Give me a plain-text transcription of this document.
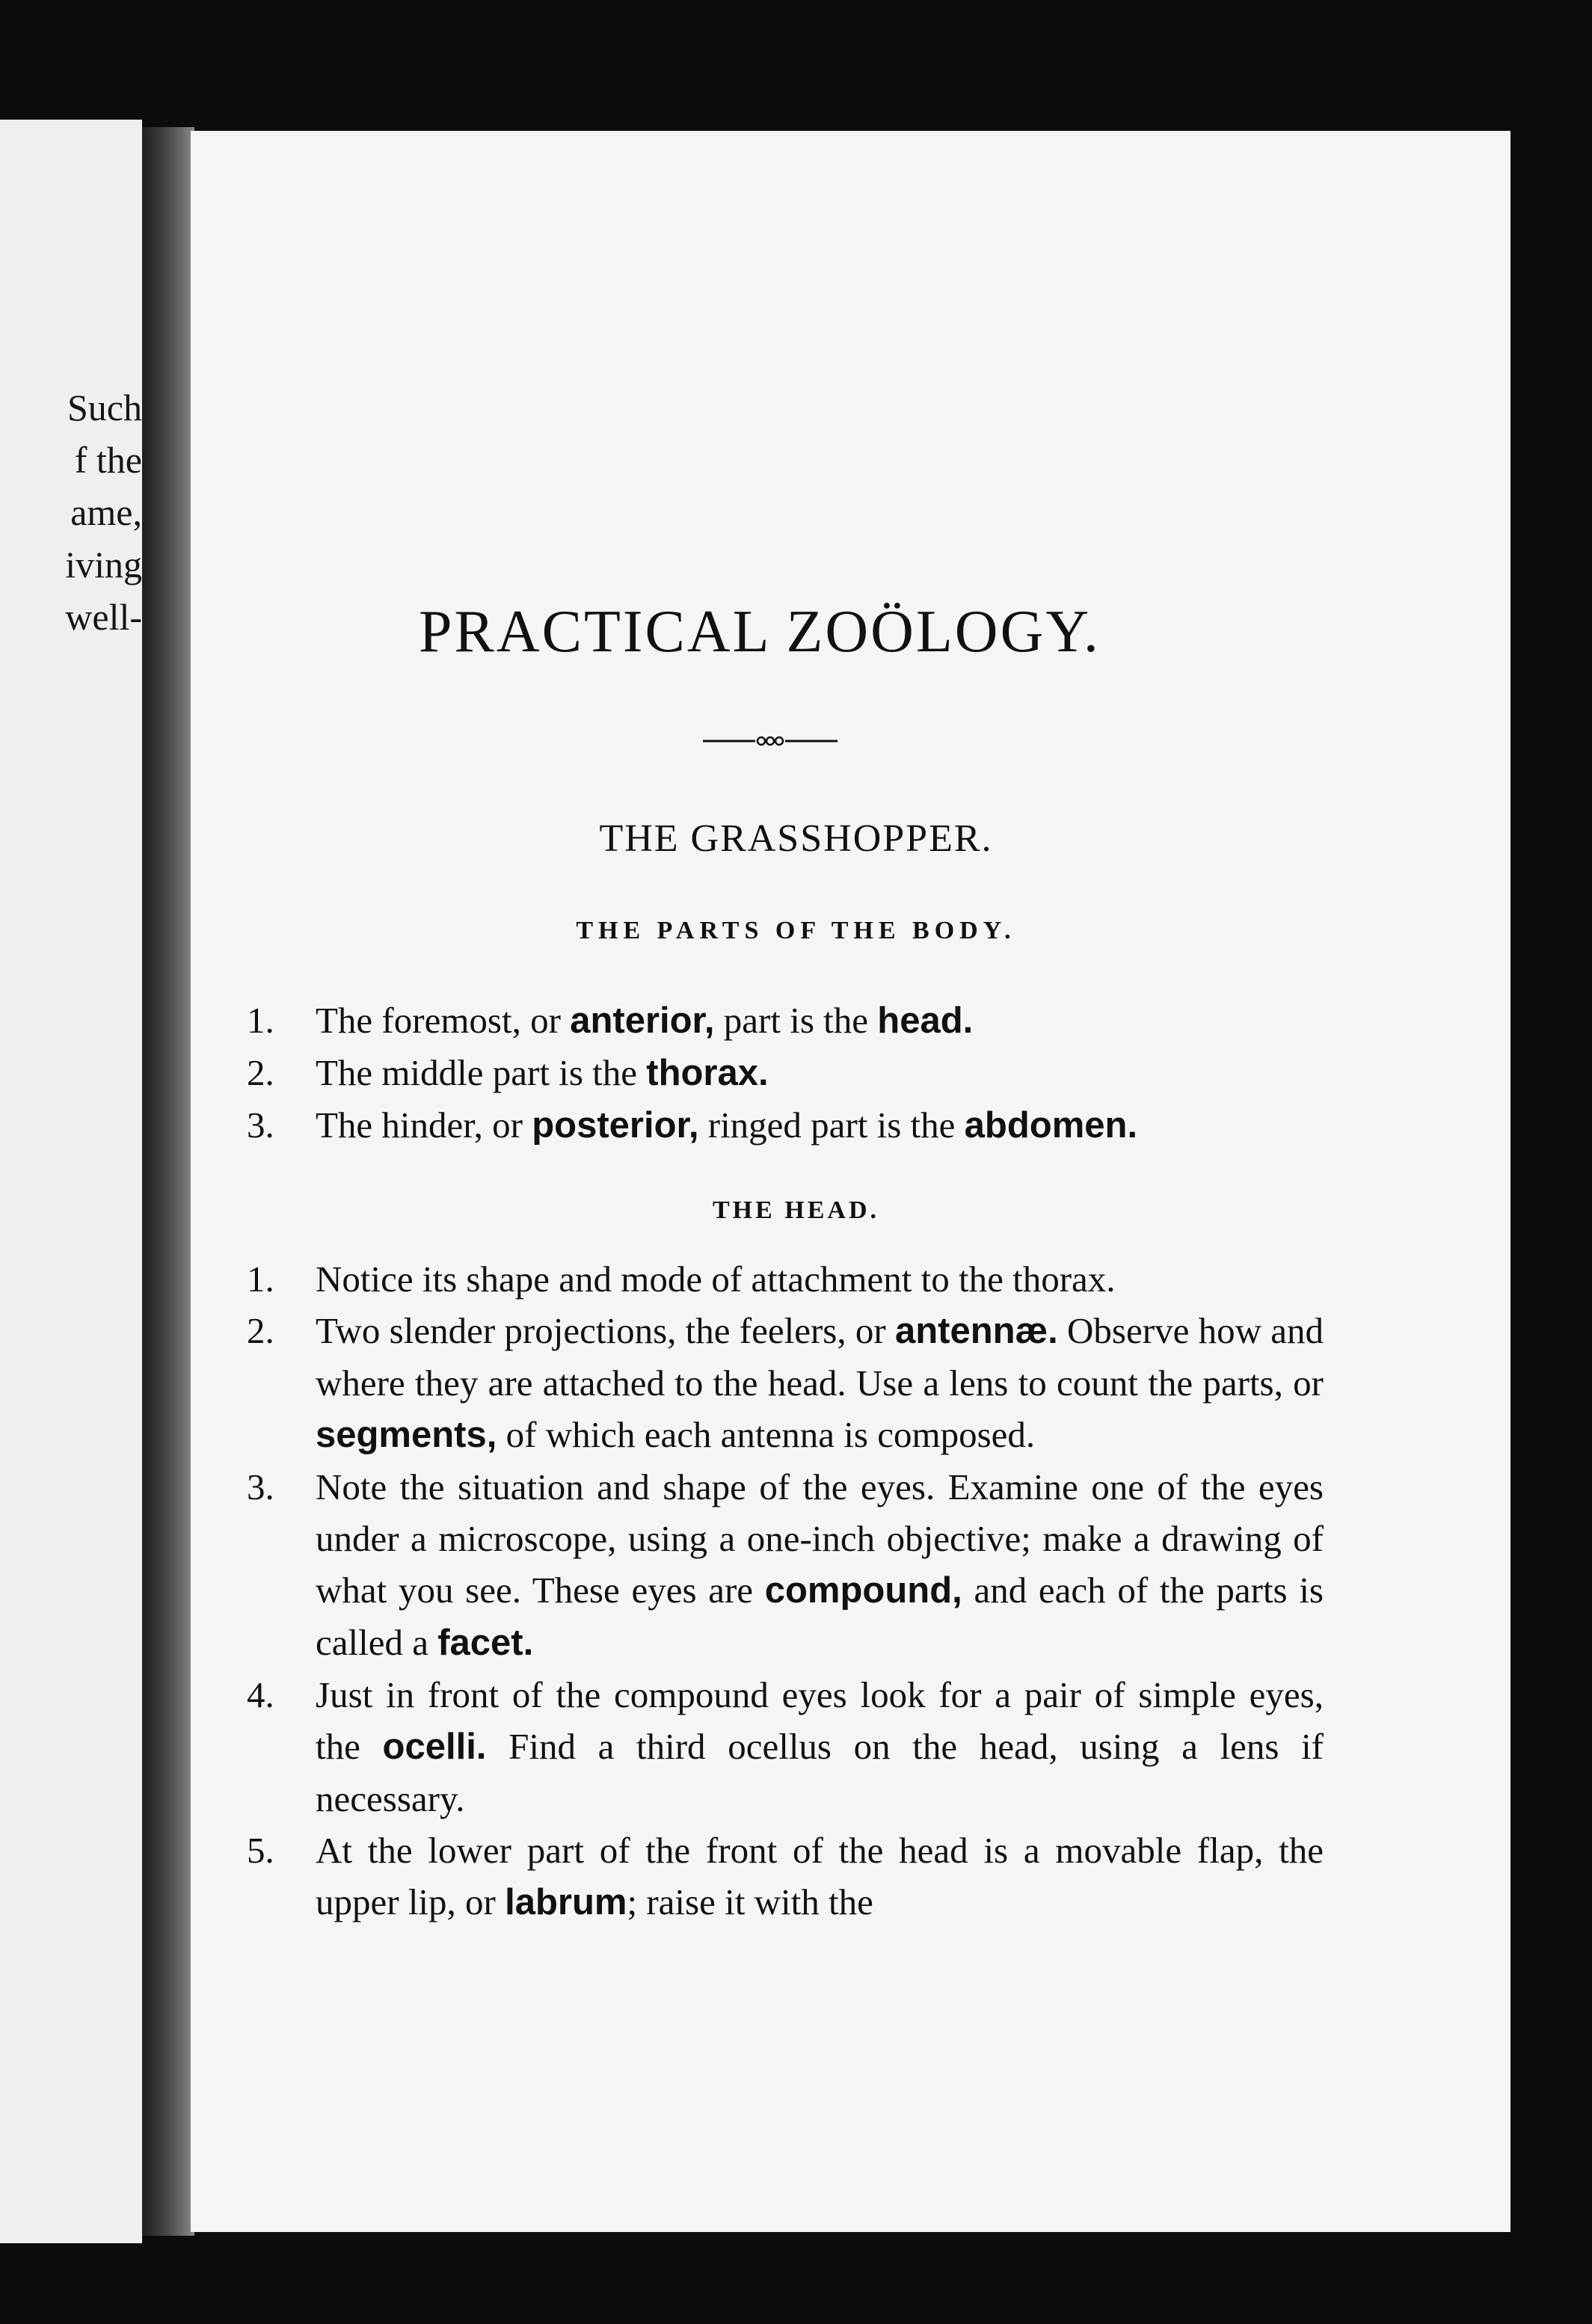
Such
f the
ame,
iving
well-	PRACTICAL ZOÖLOGY.
THE GRASSHOPPER.
THE PARTS OF THE BODY.
1.	The foremost, or anterior, part is the head.
2.	The middle part is the thorax.
3.	The hinder, or posterior, ringed part is the abdomen.
THE HEAD.
1.	Notice its shape and mode of attachment to the thorax.
2.	Two slender projections, the feelers, or antennæ. Observe how and where they are attached to the head. Use a lens to count the parts, or segments, of which each antenna is composed.
3.	Note the situation and shape of the eyes. Examine one of the eyes under a microscope, using a one-inch objective; make a drawing of what you see. These eyes are compound, and each of the parts is called a facet.
4.	Just in front of the compound eyes look for a pair of simple eyes, the ocelli. Find a third ocellus on the head, using a lens if necessary.
5.	At the lower part of the front of the head is a movable flap, the upper lip, or labrum; raise it with the
